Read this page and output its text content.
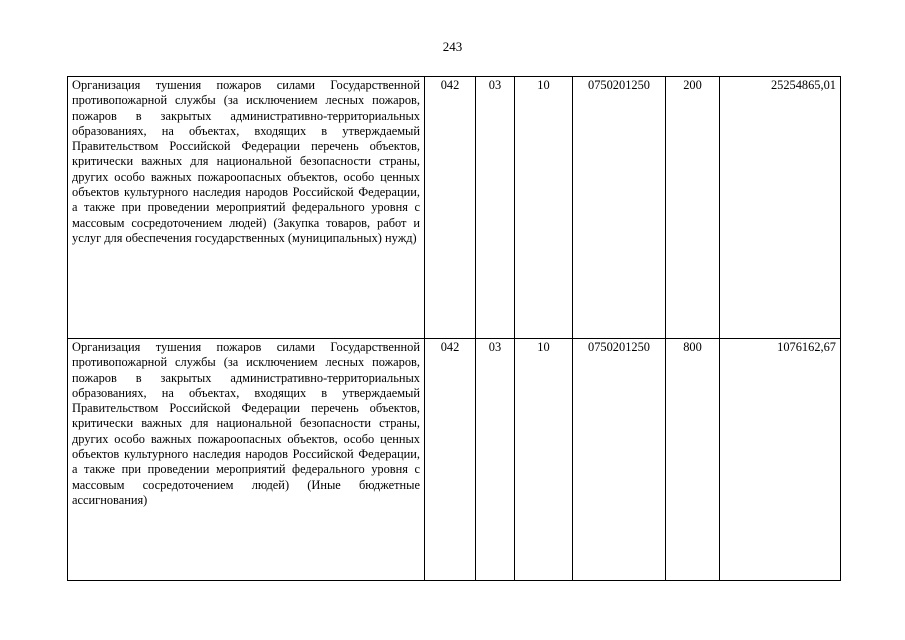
243
Организация тушения пожаров силами Государственной противопожарной службы (за исключением лесных пожаров, пожаров в закрытых административно-территориальных образованиях, на объектах, входящих в утверждаемый Правительством Российской Федерации перечень объектов, критически важных для национальной безопасности страны, других особо важных пожароопасных объектов, особо ценных объектов культурного наследия народов Российской Федерации, а также при проведении мероприятий федерального уровня с массовым сосредоточением людей) (Закупка товаров, работ и услуг для обеспечения государственных (муниципальных) нужд)	042	03	10	0750201250	200	25254865,01
Организация тушения пожаров силами Государственной противопожарной службы (за исключением лесных пожаров, пожаров в закрытых административно-территориальных образованиях, на объектах, входящих в утверждаемый Правительством Российской Федерации перечень объектов, критически важных для национальной безопасности страны, других особо важных пожароопасных объектов, особо ценных объектов культурного наследия народов Российской Федерации, а также при проведении мероприятий федерального уровня с массовым сосредоточением людей) (Иные бюджетные ассигнования)	042	03	10	0750201250	800	1076162,67
